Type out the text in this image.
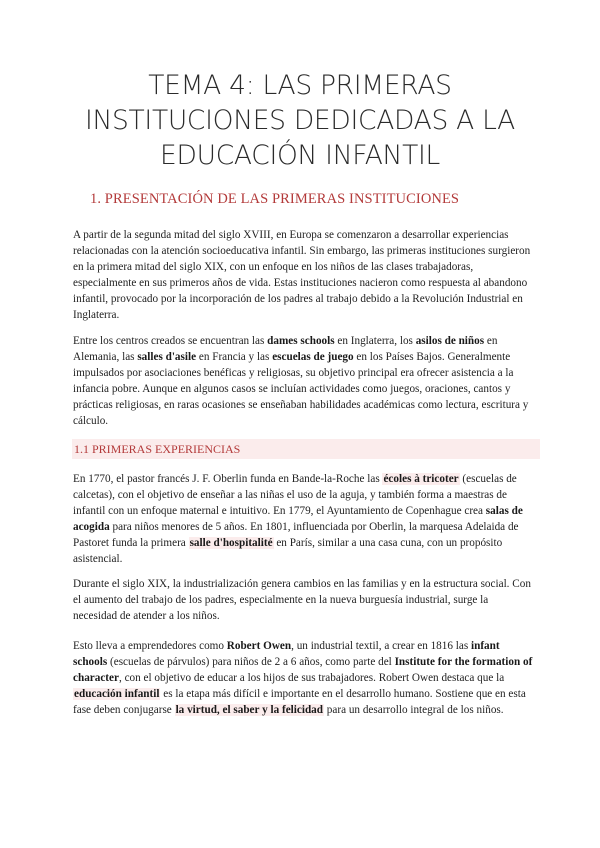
TEMA 4: LAS PRIMERAS
INSTITUCIONES DEDICADAS A LA
EDUCACIÓN INFANTIL
1. PRESENTACIÓN DE LAS PRIMERAS INSTITUCIONES

A partir de la segunda mitad del siglo XVIII, en Europa se comenzaron a desarrollar experiencias relacionadas con la atención socioeducativa infantil. Sin embargo, las primeras instituciones surgieron en la primera mitad del siglo XIX, con un enfoque en los niños de las clases trabajadoras, especialmente en sus primeros años de vida. Estas instituciones nacieron como respuesta al abandono infantil, provocado por la incorporación de los padres al trabajo debido a la Revolución Industrial en Inglaterra.

Entre los centros creados se encuentran las dames schools en Inglaterra, los asilos de niños en Alemania, las salles d'asile en Francia y las escuelas de juego en los Países Bajos. Generalmente impulsados por asociaciones benéficas y religiosas, su objetivo principal era ofrecer asistencia a la infancia pobre. Aunque en algunos casos se incluían actividades como juegos, oraciones, cantos y prácticas religiosas, en raras ocasiones se enseñaban habilidades académicas como lectura, escritura y cálculo.

1.1 PRIMERAS EXPERIENCIAS

En 1770, el pastor francés J. F. Oberlin funda en Bande-la-Roche las écoles à tricoter (escuelas de calcetas), con el objetivo de enseñar a las niñas el uso de la aguja, y también forma a maestras de infantil con un enfoque maternal e intuitivo. En 1779, el Ayuntamiento de Copenhague crea salas de acogida para niños menores de 5 años. En 1801, influenciada por Oberlin, la marquesa Adelaida de Pastoret funda la primera salle d'hospitalité en París, similar a una casa cuna, con un propósito asistencial.

Durante el siglo XIX, la industrialización genera cambios en las familias y en la estructura social. Con el aumento del trabajo de los padres, especialmente en la nueva burguesía industrial, surge la necesidad de atender a los niños.

Esto lleva a emprendedores como Robert Owen, un industrial textil, a crear en 1816 las infant schools (escuelas de párvulos) para niños de 2 a 6 años, como parte del Institute for the formation of character, con el objetivo de educar a los hijos de sus trabajadores. Robert Owen destaca que la educación infantil es la etapa más difícil e importante en el desarrollo humano. Sostiene que en esta fase deben conjugarse la virtud, el saber y la felicidad para un desarrollo integral de los niños.
